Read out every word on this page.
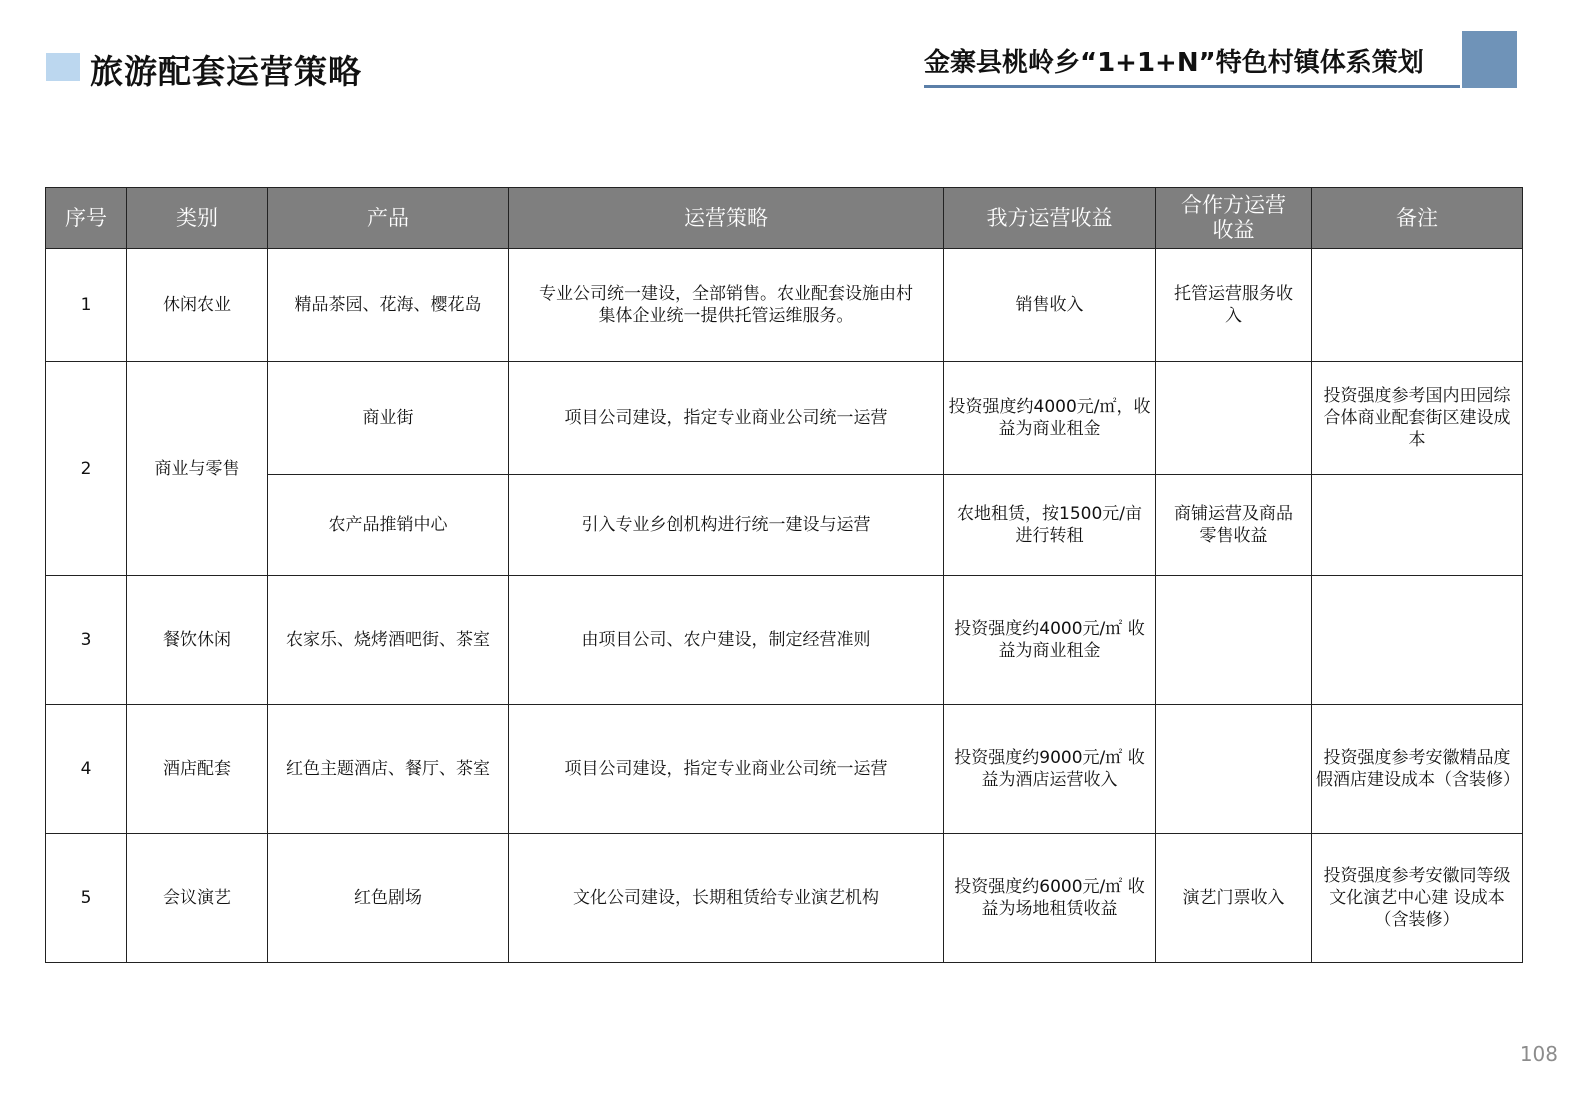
旅游配套运营策略	金寨县桃岭乡“1+1+N”特色村镇体系策划
序号	类别	产品	运营策略	我方运营收益	合作方运营收益	备注
1	休闲农业	精品茶园、花海、樱花岛	专业公司统一建设，全部销售。农业配套设施由村集体企业统一提供托管运维服务。	销售收入	托管运营服务收入	
2	商业与零售	商业街	项目公司建设，指定专业商业公司统一运营	投资强度约4000元/㎡，收益为商业租金		投资强度参考国内田园综合体商业配套街区建设成本
		农产品推销中心	引入专业乡创机构进行统一建设与运营	农地租赁，按1500元/亩进行转租	商铺运营及商品零售收益	
3	餐饮休闲	农家乐、烧烤酒吧街、茶室	由项目公司、农户建设，制定经营准则	投资强度约4000元/㎡ 收益为商业租金		
4	酒店配套	红色主题酒店、餐厅、茶室	项目公司建设，指定专业商业公司统一运营	投资强度约9000元/㎡ 收益为酒店运营收入		投资强度参考安徽精品度假酒店建设成本（含装修）
5	会议演艺	红色剧场	文化公司建设，长期租赁给专业演艺机构	投资强度约6000元/㎡ 收益为场地租赁收益	演艺门票收入	投资强度参考安徽同等级文化演艺中心建 设成本（含装修）
108
